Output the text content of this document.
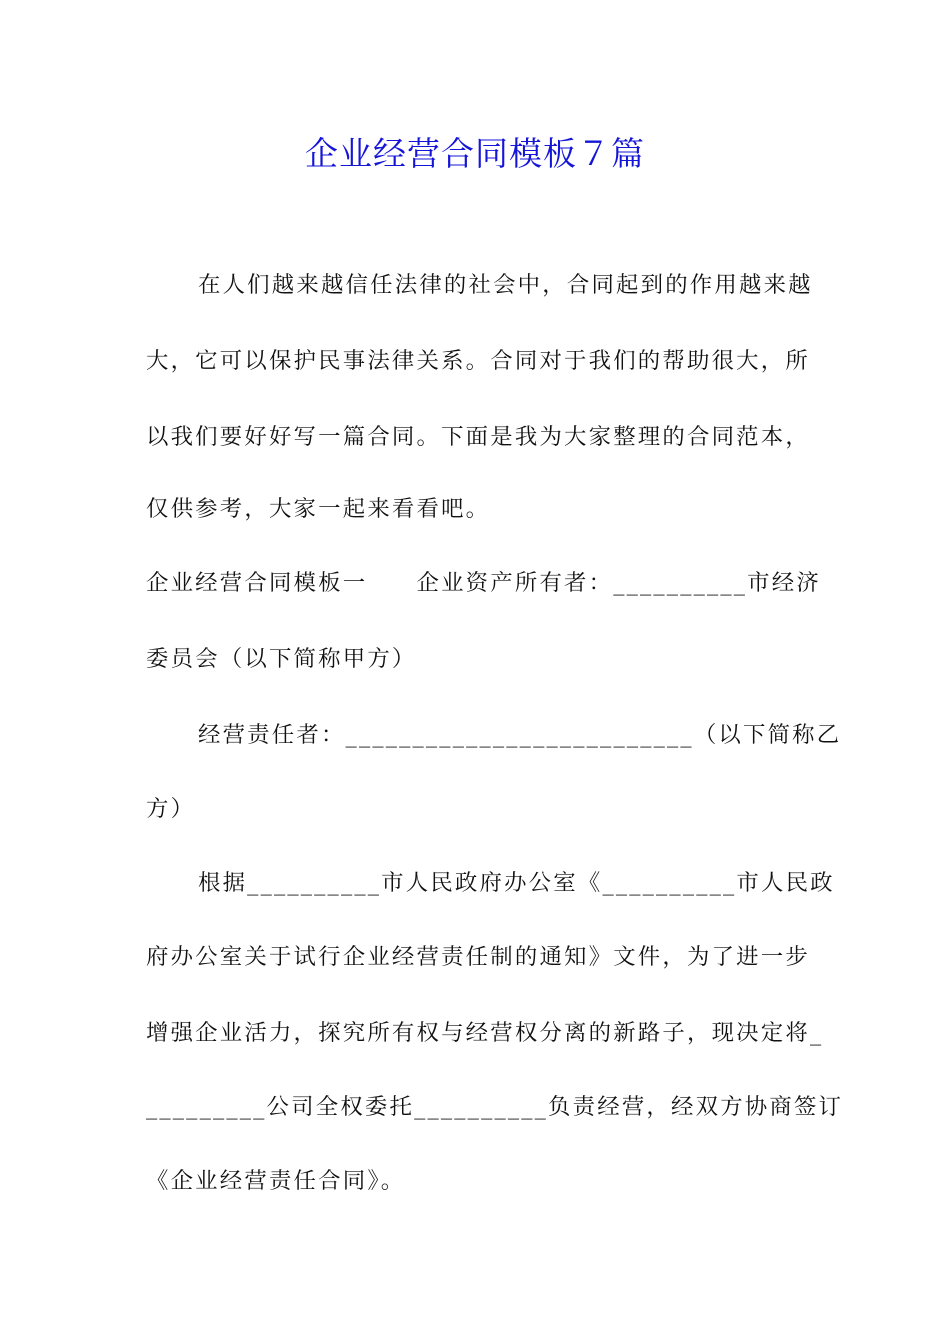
企业经营合同模板７篇
在人们越来越信任法律的社会中，合同起到的作用越来越
大，它可以保护民事法律关系。合同对于我们的帮助很大，所
以我们要好好写一篇合同。下面是我为大家整理的合同范本，
仅供参考，大家一起来看看吧。
企业经营合同模板一　　企业资产所有者：__________市经济
委员会（以下简称甲方）
经营责任者：__________________________（以下简称乙
方）
根据__________市人民政府办公室《__________市人民政
府办公室关于试行企业经营责任制的通知》文件，为了进一步
增强企业活力，探究所有权与经营权分离的新路子，现决定将_
_________公司全权委托__________负责经营，经双方协商签订
《企业经营责任合同》。
